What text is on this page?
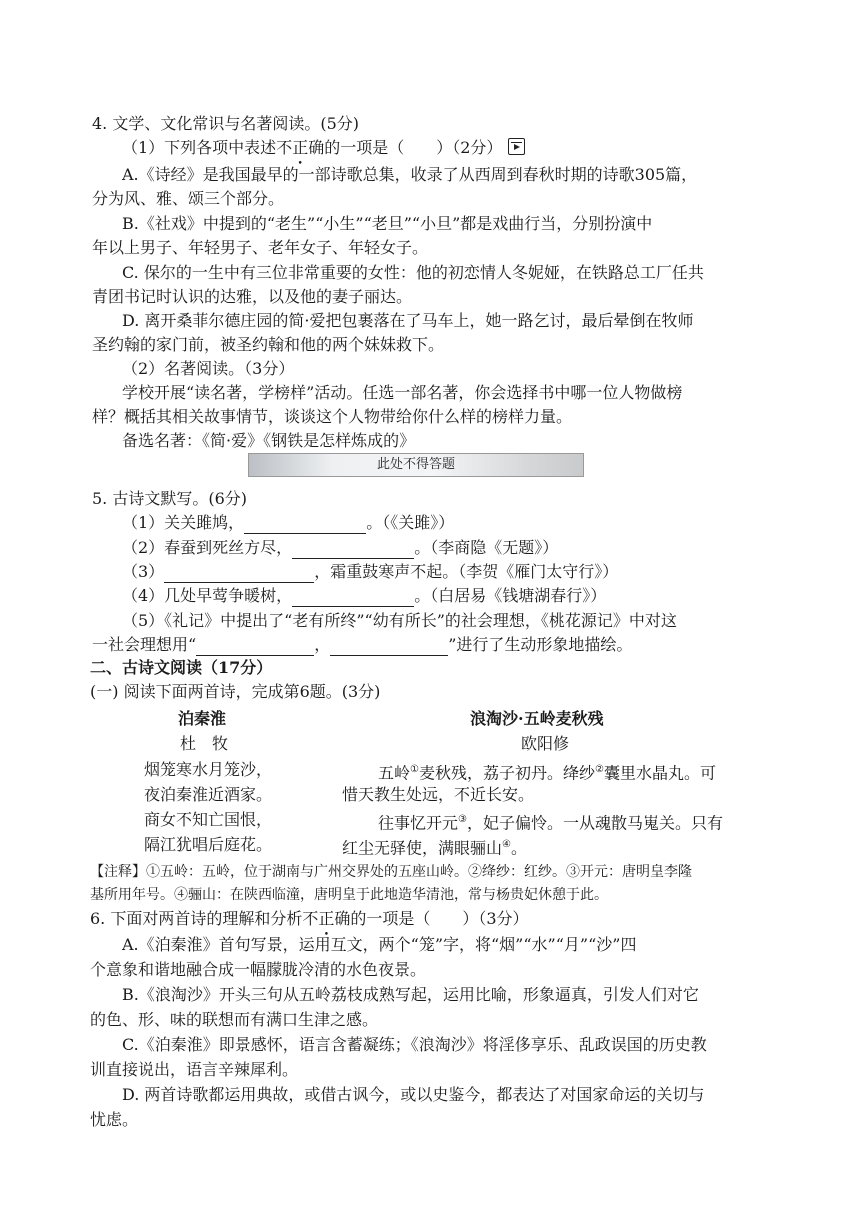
4. 文学、文化常识与名著阅读。(5分)
（1）下列各项中表述不正确的一项是（　　）（2分）
A.《诗经》是我国最早的一部诗歌总集，收录了从西周到春秋时期的诗歌305篇，
分为风、雅、颂三个部分。
B.《社戏》中提到的“老生”“小生”“老旦”“小旦”都是戏曲行当，分别扮演中
年以上男子、年轻男子、老年女子、年轻女子。
C. 保尔的一生中有三位非常重要的女性：他的初恋情人冬妮娅，在铁路总工厂任共
青团书记时认识的达雅，以及他的妻子丽达。
D. 离开桑菲尔德庄园的简·爱把包裹落在了马车上，她一路乞讨，最后晕倒在牧师
圣约翰的家门前，被圣约翰和他的两个妹妹救下。
（2）名著阅读。（3分）
学校开展“读名著，学榜样”活动。任选一部名著，你会选择书中哪一位人物做榜
样？概括其相关故事情节，谈谈这个人物带给你什么样的榜样力量。
备选名著：《简·爱》《钢铁是怎样炼成的》
此处不得答题
5. 古诗文默写。(6分)
（1）关关雎鸠，	。（《关雎》）
（2）春蚕到死丝方尽，	。（李商隐《无题》）
（3）	，霜重鼓寒声不起。（李贺《雁门太守行》）
（4）几处早莺争暖树，	。（白居易《钱塘湖春行》）
（5）《礼记》中提出了“老有所终”“幼有所长”的社会理想，《桃花源记》中对这
一社会理想用“	，	”进行了生动形象地描绘。
二、古诗文阅读（17分）
(一) 阅读下面两首诗，完成第6题。(3分)
泊秦淮
杜　牧
烟笼寒水月笼沙，
夜泊秦淮近酒家。
商女不知亡国恨，
隔江犹唱后庭花。
浪淘沙·五岭麦秋残
欧阳修
五岭①麦秋残，荔子初丹。绛纱②囊里水晶丸。可
惜天教生处远，不近长安。
往事忆开元③，妃子偏怜。一从魂散马嵬关。只有
红尘无驿使，满眼骊山④。
【注释】①五岭：五岭，位于湖南与广州交界处的五座山岭。②绛纱：红纱。③开元：唐明皇李隆
基所用年号。④骊山：在陕西临潼，唐明皇于此地造华清池，常与杨贵妃休憩于此。
6. 下面对两首诗的理解和分析不正确的一项是（　　）（3分）
A.《泊秦淮》首句写景，运用互文，两个“笼”字，将“烟”“水”“月”“沙”四
个意象和谐地融合成一幅朦胧冷清的水色夜景。
B.《浪淘沙》开头三句从五岭荔枝成熟写起，运用比喻，形象逼真，引发人们对它
的色、形、味的联想而有满口生津之感。
C.《泊秦淮》即景感怀，语言含蓄凝练；《浪淘沙》将淫侈享乐、乱政误国的历史教
训直接说出，语言辛辣犀利。
D. 两首诗歌都运用典故，或借古讽今，或以史鉴今，都表达了对国家命运的关切与
忧虑。
